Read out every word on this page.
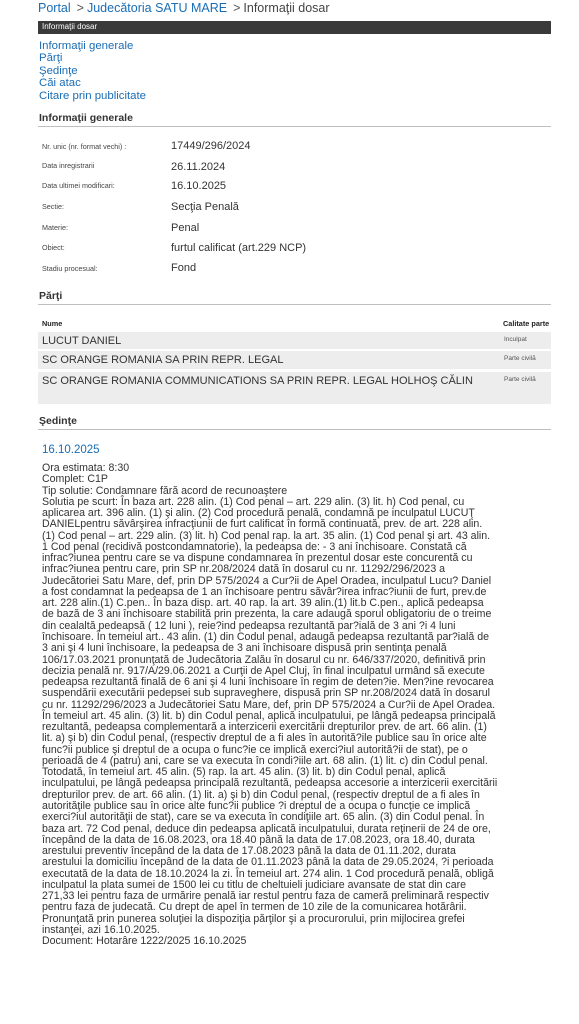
Portal > Judecătoria SATU MARE > Informaţii dosar
Informaţii dosar
Informaţii generale
Părţi
Şedinţe
Căi atac
Citare prin publicitate
Informaţii generale
Nr. unic (nr. format vechi) :	17449/296/2024
Data inregistrarii	26.11.2024
Data ultimei modificari:	16.10.2025
Sectie:	Secţia Penală
Materie:	Penal
Obiect:	furtul calificat (art.229 NCP)
Stadiu procesual:	Fond
Părţi
Nume	Calitate parte
LUCUT DANIEL	Inculpat
SC ORANGE ROMANIA SA PRIN REPR. LEGAL	Parte civilă
SC ORANGE ROMANIA COMMUNICATIONS SA PRIN REPR. LEGAL HOLHOŞ CĂLIN	Parte civilă
Şedinţe
16.10.2025
Ora estimata: 8:30
Complet: C1P
Tip solutie: Condamnare fără acord de recunoaştere
Solutia pe scurt: În baza art. 228 alin. (1) Cod penal – art. 229 alin. (3) lit. h) Cod penal, cu
aplicarea art. 396 alin. (1) şi alin. (2) Cod procedură penală, condamnă pe inculpatul LUCUŢ
DANIELpentru săvârşirea infracţiunii de furt calificat în formă continuată, prev. de art. 228 alin.
(1) Cod penal – art. 229 alin. (3) lit. h) Cod penal rap. la art. 35 alin. (1) Cod penal şi art. 43 alin.
1 Cod penal (recidivă postcondamnatorie), la pedeapsa de: - 3 ani închisoare. Constată că
infrac?iunea pentru care se va dispune condamnarea în prezentul dosar este concurentă cu
infrac?iunea pentru care, prin SP nr.208/2024 dată în dosarul cu nr. 11292/296/2023 a
Judecătoriei Satu Mare, def, prin DP 575/2024 a Cur?ii de Apel Oradea, inculpatul Lucu? Daniel
a fost condamnat la pedeapsa de 1 an închisoare pentru săvâr?irea infrac?iunii de furt, prev.de
art. 228 alin.(1) C.pen.. În baza disp. art. 40 rap. la art. 39 alin.(1) lit.b C.pen., aplică pedeapsa
de bază de 3 ani închisoare stabilită prin prezenta, la care adaugă sporul obligatoriu de o treime
din cealaltă pedeapsă ( 12 luni ), reie?ind pedeapsa rezultantă par?ială de 3 ani ?i 4 luni
închisoare. În temeiul art.. 43 alin. (1) din Codul penal, adaugă pedeapsa rezultantă par?ială de
3 ani şi 4 luni închisoare, la pedeapsa de 3 ani închisoare dispusă prin sentinţa penală
106/17.03.2021 pronunţată de Judecătoria Zalău în dosarul cu nr. 646/337/2020, definitivă prin
decizia penală nr. 917/A/29.06.2021 a Curţii de Apel Cluj, în final inculpatul urmând să execute
pedeapsa rezultantă finală de 6 ani şi 4 luni închisoare în regim de deten?ie. Men?ine revocarea
suspendării executării pedepsei sub supraveghere, dispusă prin SP nr.208/2024 dată în dosarul
cu nr. 11292/296/2023 a Judecătoriei Satu Mare, def, prin DP 575/2024 a Cur?ii de Apel Oradea.
În temeiul art. 45 alin. (3) lit. b) din Codul penal, aplică inculpatului, pe lângă pedeapsa principală
rezultantă, pedeapsa complementară a interzicerii exercitării drepturilor prev. de art. 66 alin. (1)
lit. a) şi b) din Codul penal, (respectiv dreptul de a fi ales în autorită?ile publice sau în orice alte
func?ii publice şi dreptul de a ocupa o func?ie ce implică exerci?iul autorită?ii de stat), pe o
perioadă de 4 (patru) ani, care se va executa în condi?iile art. 68 alin. (1) lit. c) din Codul penal.
Totodată, în temeiul art. 45 alin. (5) rap. la art. 45 alin. (3) lit. b) din Codul penal, aplică
inculpatului, pe lângă pedeapsa principală rezultantă, pedeapsa accesorie a interzicerii exercitării
drepturilor prev. de art. 66 alin. (1) lit. a) şi b) din Codul penal, (respectiv dreptul de a fi ales în
autorităţile publice sau în orice alte func?ii publice ?i dreptul de a ocupa o funcţie ce implică
exerci?iul autorităţii de stat), care se va executa în condiţiile art. 65 alin. (3) din Codul penal. În
baza art. 72 Cod penal, deduce din pedeapsa aplicată inculpatului, durata reţinerii de 24 de ore,
începând de la data de 16.08.2023, ora 18.40 până la data de 17.08.2023, ora 18.40, durata
arestului preventiv începând de la data de 17.08.2023 până la data de 01.11.202, durata
arestului la domiciliu începând de la data de 01.11.2023 până la data de 29.05.2024, ?i perioada
executată de la data de 18.10.2024 la zi. În temeiul art. 274 alin. 1 Cod procedură penală, obligă
inculpatul la plata sumei de 1500 lei cu titlu de cheltuieli judiciare avansate de stat din care
271,33 lei pentru faza de urmărire penală iar restul pentru faza de cameră preliminară respectiv
pentru faza de judecată. Cu drept de apel în termen de 10 zile de la comunicarea hotărârii.
Pronunţată prin punerea soluţiei la dispoziţia părţilor şi a procurorului, prin mijlocirea grefei
instanţei, azi 16.10.2025.
Document: Hotarâre 1222/2025 16.10.2025
